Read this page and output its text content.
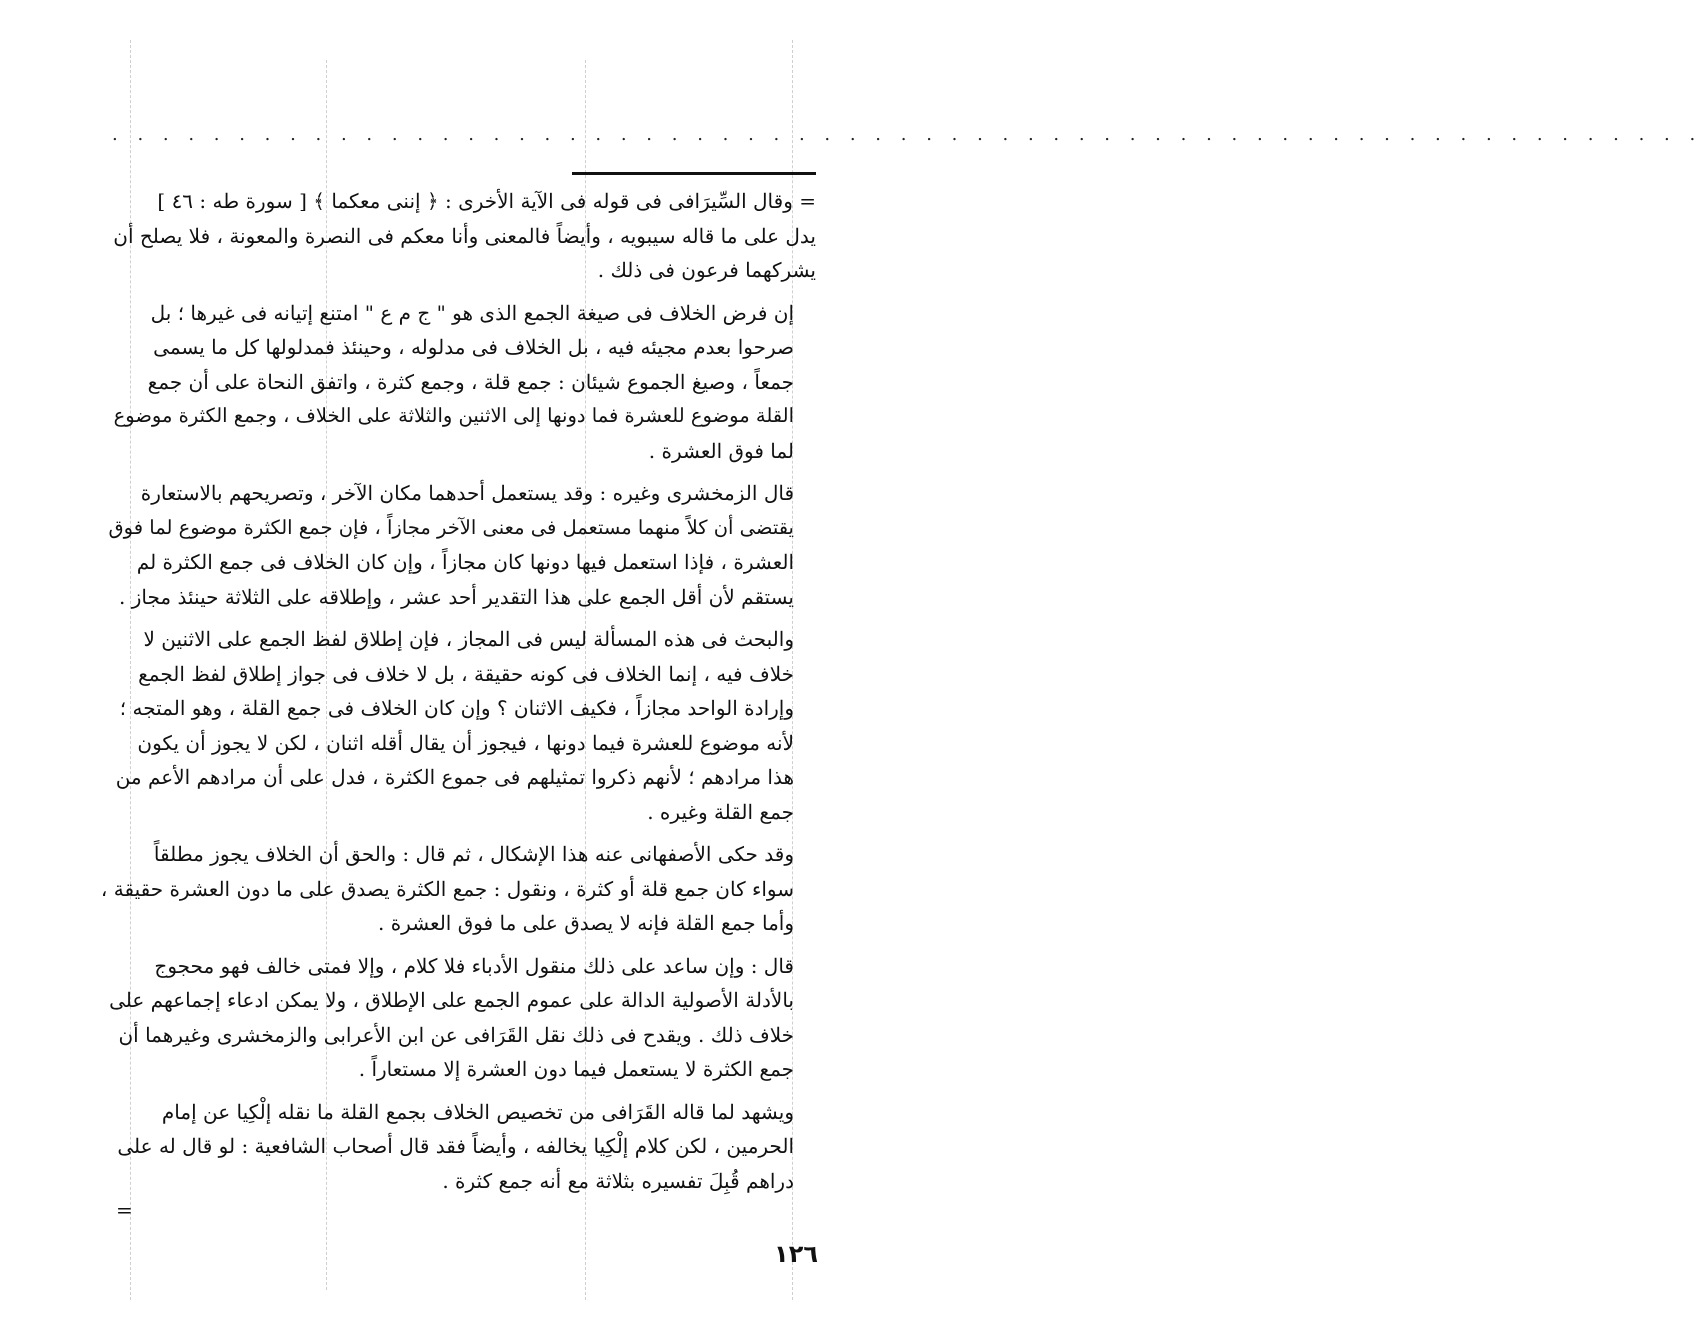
. . . . . . . . . . . . . . . . . . . . . . . . . . . . . . . . . . . . . . . . . . . . . . . . . . . . . . . . . . . . . . .
= وقال السِّيرَافى فى قوله فى الآية الأخرى : ﴿ إننى معكما ﴾ [ سورة طه : ٤٦ ]
يدل على ما قاله سيبويه ، وأيضاً فالمعنى وأنا معكم فى النصرة والمعونة ، فلا يصلح أن
يشركهما فرعون فى ذلك .
إن فرض الخلاف فى صيغة الجمع الذى هو " ج م ع " امتنع إتيانه فى غيرها ؛ بل
صرحوا بعدم مجيئه فيه ، بل الخلاف فى مدلوله ، وحينئذ فمدلولها كل ما يسمى
جمعاً ، وصيغ الجموع شيئان : جمع قلة ، وجمع كثرة ، واتفق النحاة على أن جمع
القلة موضوع للعشرة فما دونها إلى الاثنين والثلاثة على الخلاف ، وجمع الكثرة موضوع
لما فوق العشرة .
قال الزمخشرى وغيره : وقد يستعمل أحدهما مكان الآخر ، وتصريحهم بالاستعارة
يقتضى أن كلاً منهما مستعمل فى معنى الآخر مجازاً ، فإن جمع الكثرة موضوع لما فوق
العشرة ، فإذا استعمل فيها دونها كان مجازاً ، وإن كان الخلاف فى جمع الكثرة لم
يستقم لأن أقل الجمع على هذا التقدير أحد عشر ، وإطلاقه على الثلاثة حينئذ مجاز .
والبحث فى هذه المسألة ليس فى المجاز ، فإن إطلاق لفظ الجمع على الاثنين لا
خلاف فيه ، إنما الخلاف فى كونه حقيقة ، بل لا خلاف فى جواز إطلاق لفظ الجمع
وإرادة الواحد مجازاً ، فكيف الاثنان ؟ وإن كان الخلاف فى جمع القلة ، وهو المتجه ؛
لأنه موضوع للعشرة فيما دونها ، فيجوز أن يقال أقله اثنان ، لكن لا يجوز أن يكون
هذا مرادهم ؛ لأنهم ذكروا تمثيلهم فى جموع الكثرة ، فدل على أن مرادهم الأعم من
جمع القلة وغيره .
وقد حكى الأصفهانى عنه هذا الإشكال ، ثم قال : والحق أن الخلاف يجوز مطلقاً
سواء كان جمع قلة أو كثرة ، ونقول : جمع الكثرة يصدق على ما دون العشرة حقيقة ،
وأما جمع القلة فإنه لا يصدق على ما فوق العشرة .
قال : وإن ساعد على ذلك منقول الأدباء فلا كلام ، وإلا فمتى خالف فهو محجوج
بالأدلة الأصولية الدالة على عموم الجمع على الإطلاق ، ولا يمكن ادعاء إجماعهم على
خلاف ذلك . ويقدح فى ذلك نقل القَرَافى عن ابن الأعرابى والزمخشرى وغيرهما أن
جمع الكثرة لا يستعمل فيما دون العشرة إلا مستعاراً .
ويشهد لما قاله القَرَافى من تخصيص الخلاف بجمع القلة ما نقله إلْكِيا عن إمام
الحرمين ، لكن كلام إلْكِيا يخالفه ، وأيضاً فقد قال أصحاب الشافعية : لو قال له على
دراهم قُبِلَ تفسيره بثلاثة مع أنه جمع كثرة .
=
١٢٦
